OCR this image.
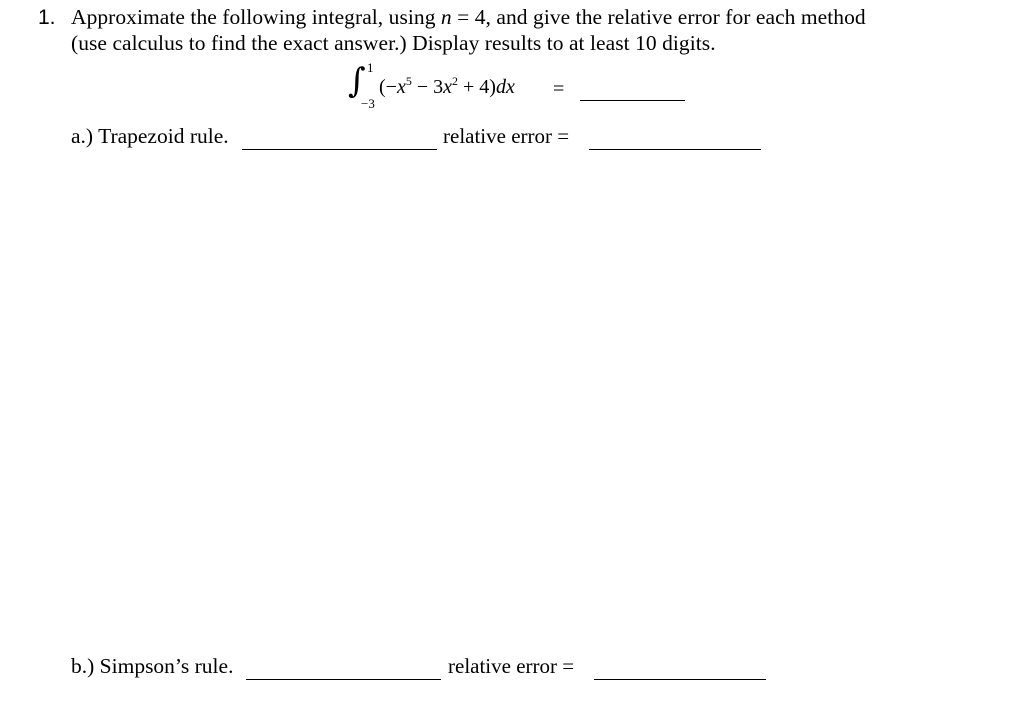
1. Approximate the following integral, using n = 4, and give the relative error for each method
(use calculus to find the exact answer.) Display results to at least 10 digits.
∫ 1
−3
$(-x^5 - 3x^2 + 4)dx$ =
a.) Trapezoid rule.	relative error =
b.) Simpson’s rule.	relative error =
